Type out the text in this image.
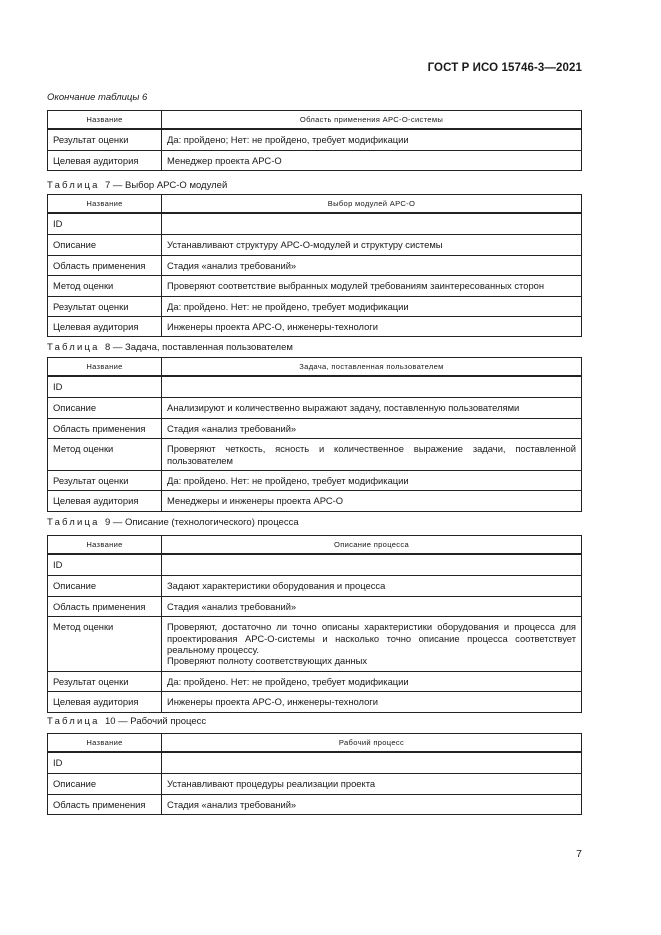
ГОСТ Р ИСО 15746-3—2021
Окончание таблицы 6
Название	Область применения АРС-О-системы
Результат оценки	Да: пройдено; Нет: не пройдено, требует модификации
Целевая аудитория	Менеджер проекта АРС-О
Таблица 7 — Выбор АРС-О модулей
Название	Выбор модулей АРС-О
ID	
Описание	Устанавливают структуру АРС-О-модулей и структуру системы
Область применения	Стадия «анализ требований»
Метод оценки	Проверяют соответствие выбранных модулей требованиям заинтересованных сторон
Результат оценки	Да: пройдено. Нет: не пройдено, требует модификации
Целевая аудитория	Инженеры проекта АРС-О, инженеры-технологи
Таблица 8 — Задача, поставленная пользователем
Название	Задача, поставленная пользователем
ID	
Описание	Анализируют и количественно выражают задачу, поставленную пользователями
Область применения	Стадия «анализ требований»
Метод оценки	Проверяют четкость, ясность и количественное выражение задачи, поставленной пользователем
Результат оценки	Да: пройдено. Нет: не пройдено, требует модификации
Целевая аудитория	Менеджеры и инженеры проекта АРС-О
Таблица 9 — Описание (технологического) процесса
Название	Описание процесса
ID	
Описание	Задают характеристики оборудования и процесса
Область применения	Стадия «анализ требований»
Метод оценки	Проверяют, достаточно ли точно описаны характеристики оборудования и процесса для проектирования АРС-О-системы и насколько точно описание процесса соответствует реальному процессу.
Проверяют полноту соответствующих данных

Результат оценки	Да: пройдено. Нет: не пройдено, требует модификации
Целевая аудитория	Инженеры проекта АРС-О, инженеры-технологи
Таблица 10 — Рабочий процесс
Название	Рабочий процесс
ID	
Описание	Устанавливают процедуры реализации проекта
Область применения	Стадия «анализ требований»
7
